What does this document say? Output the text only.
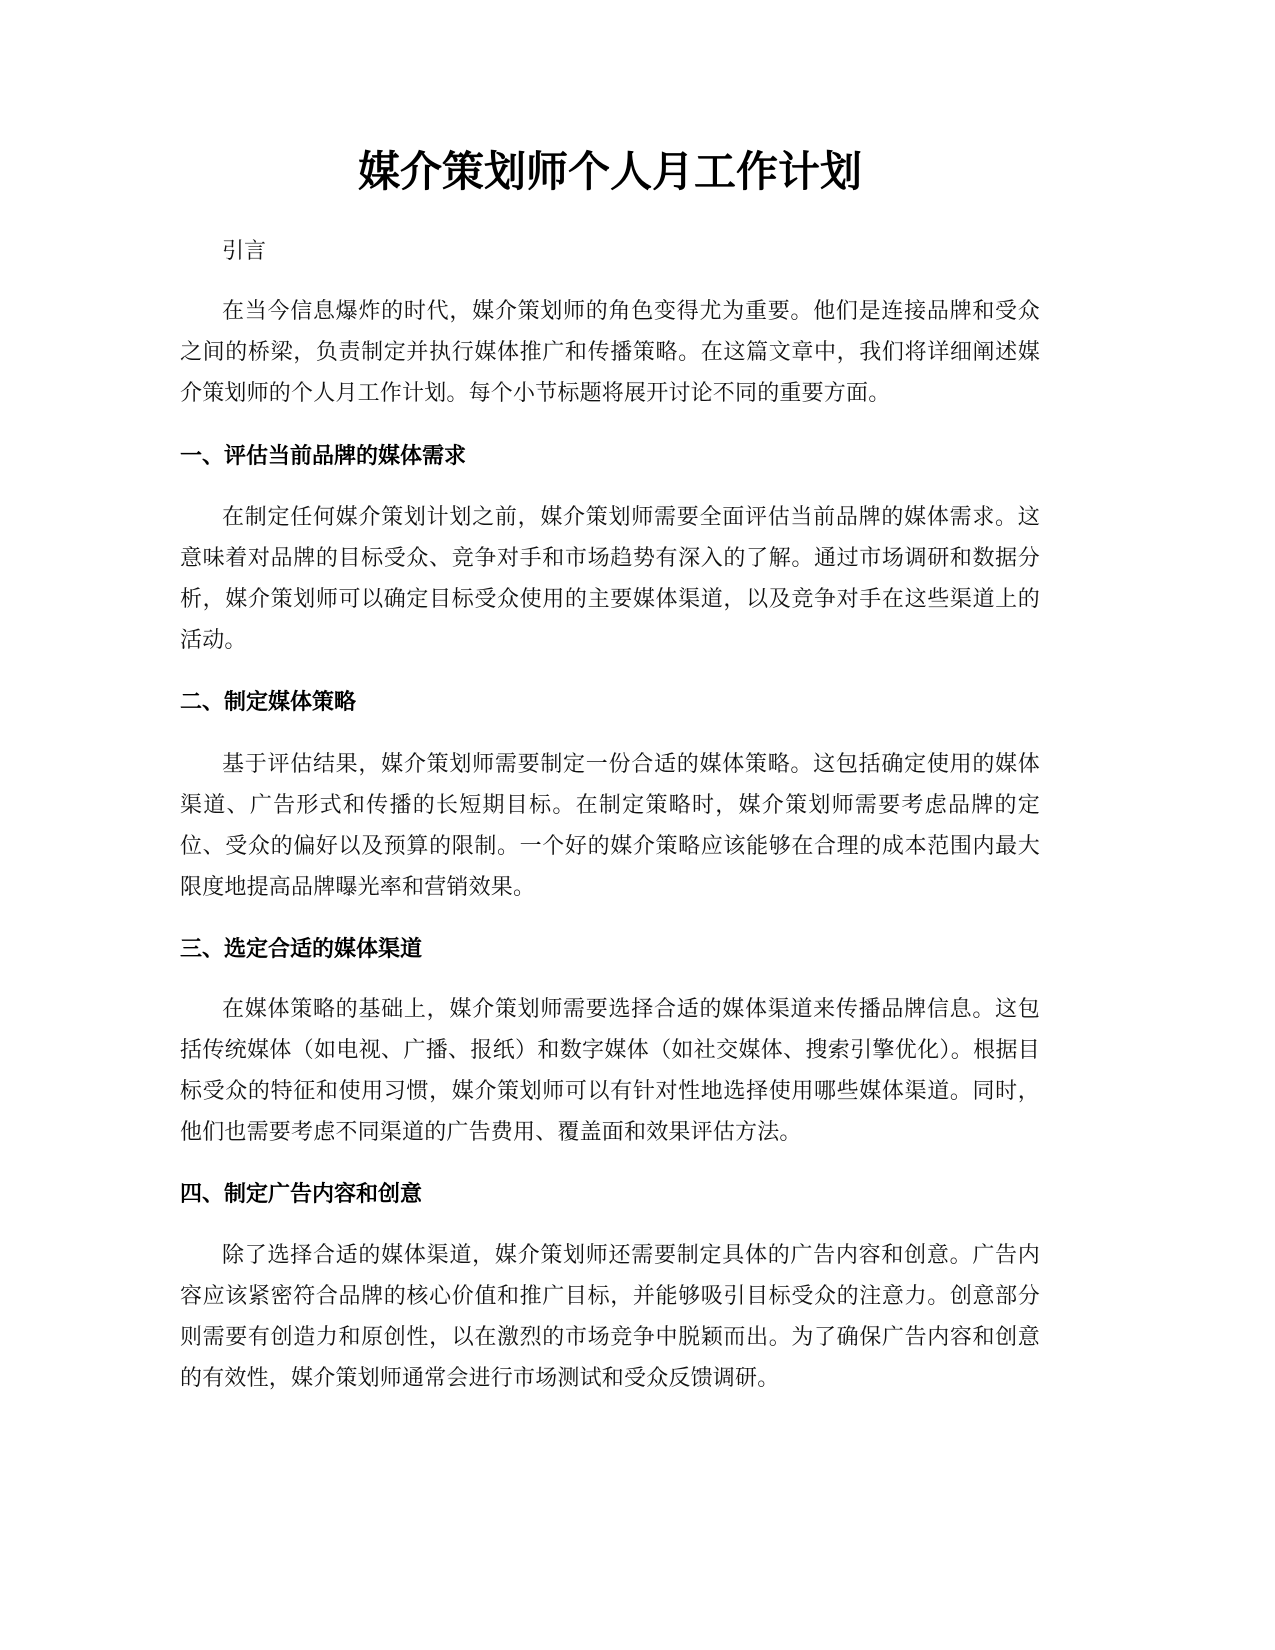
媒介策划师个人月工作计划

引言

在当今信息爆炸的时代，媒介策划师的角色变得尤为重要。他们是连接品牌和受众之间的桥梁，负责制定并执行媒体推广和传播策略。在这篇文章中，我们将详细阐述媒介策划师的个人月工作计划。每个小节标题将展开讨论不同的重要方面。

一、评估当前品牌的媒体需求

在制定任何媒介策划计划之前，媒介策划师需要全面评估当前品牌的媒体需求。这意味着对品牌的目标受众、竞争对手和市场趋势有深入的了解。通过市场调研和数据分析，媒介策划师可以确定目标受众使用的主要媒体渠道，以及竞争对手在这些渠道上的活动。

二、制定媒体策略

基于评估结果，媒介策划师需要制定一份合适的媒体策略。这包括确定使用的媒体渠道、广告形式和传播的长短期目标。在制定策略时，媒介策划师需要考虑品牌的定位、受众的偏好以及预算的限制。一个好的媒介策略应该能够在合理的成本范围内最大限度地提高品牌曝光率和营销效果。

三、选定合适的媒体渠道

在媒体策略的基础上，媒介策划师需要选择合适的媒体渠道来传播品牌信息。这包括传统媒体（如电视、广播、报纸）和数字媒体（如社交媒体、搜索引擎优化）。根据目标受众的特征和使用习惯，媒介策划师可以有针对性地选择使用哪些媒体渠道。同时，他们也需要考虑不同渠道的广告费用、覆盖面和效果评估方法。

四、制定广告内容和创意

除了选择合适的媒体渠道，媒介策划师还需要制定具体的广告内容和创意。广告内容应该紧密符合品牌的核心价值和推广目标，并能够吸引目标受众的注意力。创意部分则需要有创造力和原创性，以在激烈的市场竞争中脱颖而出。为了确保广告内容和创意的有效性，媒介策划师通常会进行市场测试和受众反馈调研。
